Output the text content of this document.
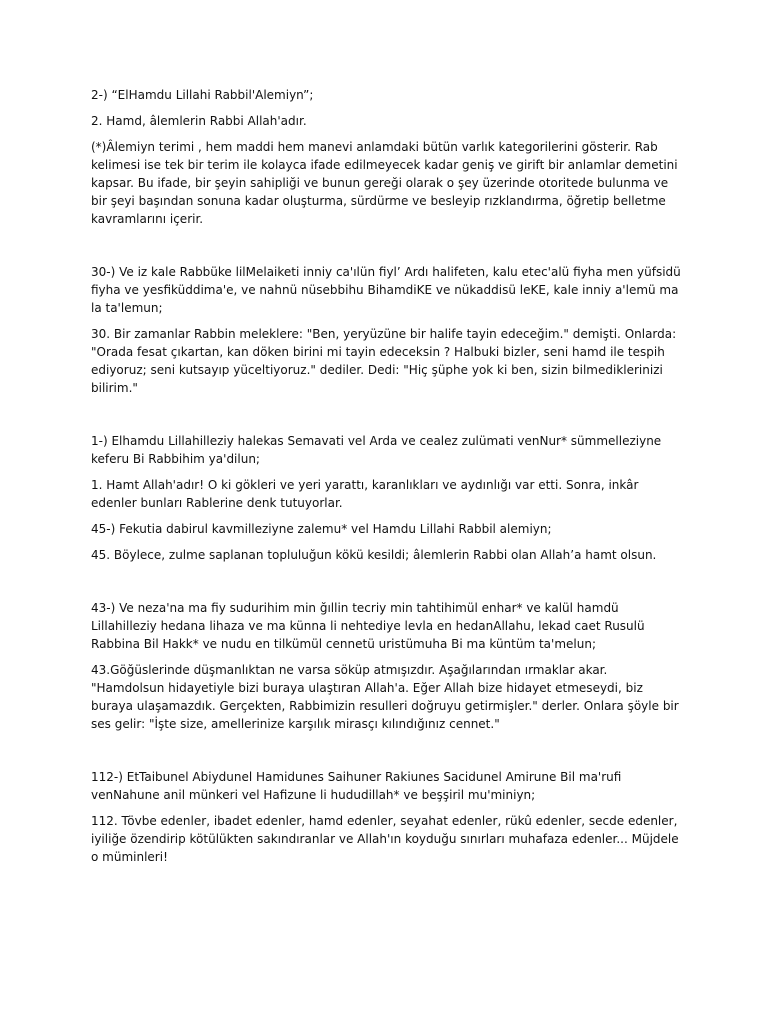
2-) “ElHamdu Lillahi Rabbil'Alemiyn”;

2. Hamd, âlemlerin Rabbi Allah'adır.

(*)Âlemiyn terimi , hem maddi hem manevi anlamdaki bütün varlık kategorilerini gösterir. Rab kelimesi ise tek bir terim ile kolayca ifade edilmeyecek kadar geniş ve girift bir anlamlar demetini kapsar. Bu ifade, bir şeyin sahipliği ve bunun gereği olarak o şey üzerinde otoritede bulunma ve bir şeyi başından sonuna kadar oluşturma, sürdürme ve besleyip rızklandırma, öğretip belletme kavramlarını içerir.

30-) Ve iz kale Rabbüke lilMelaiketi inniy ca'ılün fiyl’ Ardı halifeten, kalu etec'alü fiyha men yüfsidü fiyha ve yesfiküddima'e, ve nahnü nüsebbihu BihamdiKE ve nükaddisü leKE, kale inniy a'lemü ma la ta'lemun;

30. Bir zamanlar Rabbin meleklere: "Ben, yeryüzüne bir halife tayin edeceğim." demişti. Onlarda: "Orada fesat çıkartan, kan döken birini mi tayin edeceksin ? Halbuki bizler, seni hamd ile tespih ediyoruz; seni kutsayıp yüceltiyoruz." dediler. Dedi: "Hiç şüphe yok ki ben, sizin bilmediklerinizi bilirim."

1-) Elhamdu Lillahilleziy halekas Semavati vel Arda ve cealez zulümati venNur* sümmelleziyne keferu Bi Rabbihim ya'dilun;

1. Hamt Allah'adır! O ki gökleri ve yeri yarattı, karanlıkları ve aydınlığı var etti. Sonra, inkâr edenler bunları Rablerine denk tutuyorlar.

45-) Fekutia dabirul kavmilleziyne zalemu* vel Hamdu Lillahi Rabbil alemiyn;

45. Böylece, zulme saplanan topluluğun kökü kesildi; âlemlerin Rabbi olan Allah’a hamt olsun.

43-) Ve neza'na ma fiy sudurihim min ğıllin tecriy min tahtihimül enhar* ve kalül hamdü Lillahilleziy hedana lihaza ve ma künna li nehtediye levla en hedanAllahu, lekad caet Rusulü Rabbina Bil Hakk* ve nudu en tilkümül cennetü uristümuha Bi ma küntüm ta'melun;

43.Göğüslerinde düşmanlıktan ne varsa söküp atmışızdır. Aşağılarından ırmaklar akar. "Hamdolsun hidayetiyle bizi buraya ulaştıran Allah'a. Eğer Allah bize hidayet etmeseydi, biz buraya ulaşamazdık. Gerçekten, Rabbimizin resulleri doğruyu getirmişler." derler. Onlara şöyle bir ses gelir: "İşte size, amellerinize karşılık mirasçı kılındığınız cennet."

112-) EtTaibunel Abiydunel Hamidunes Saihuner Rakiunes Sacidunel Amirune Bil ma'rufi venNahune anil münkeri vel Hafizune li hududillah* ve beşşiril mu'miniyn;

112. Tövbe edenler, ibadet edenler, hamd edenler, seyahat edenler, rükû edenler, secde edenler, iyiliğe özendirip kötülükten sakındıranlar ve Allah'ın koyduğu sınırları muhafaza edenler... Müjdele o müminleri!
